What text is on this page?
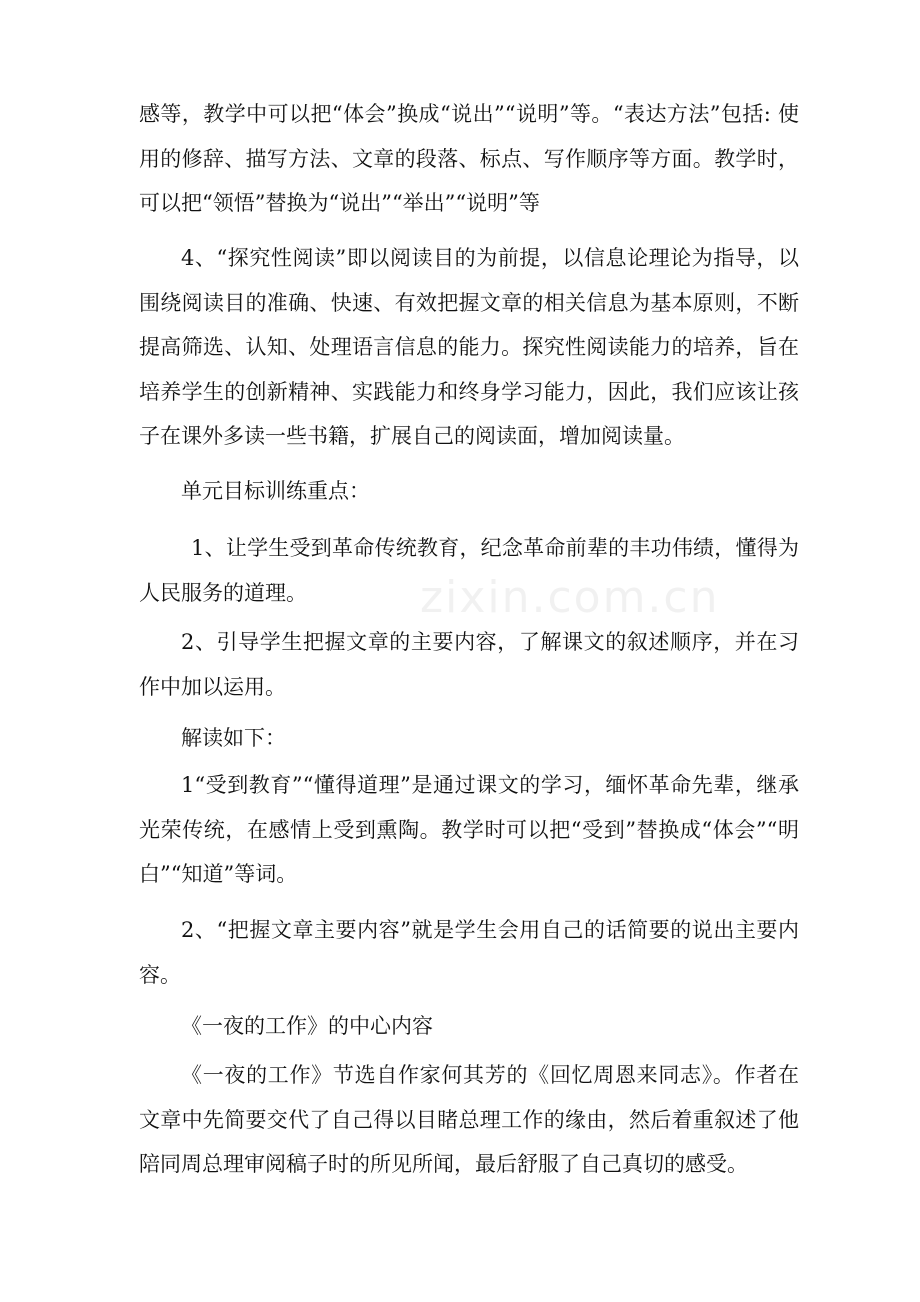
感等，教学中可以把“体会”换成“说出”“说明”等。“表达方法”包括: 使用的修辞、描写方法、文章的段落、标点、写作顺序等方面。教学时，可以把“领悟”替换为“说出”“举出”“说明”等

4、“探究性阅读”即以阅读目的为前提，以信息论理论为指导，以围绕阅读目的准确、快速、有效把握文章的相关信息为基本原则，不断提高筛选、认知、处理语言信息的能力。探究性阅读能力的培养，旨在培养学生的创新精神、实践能力和终身学习能力，因此，我们应该让孩子在课外多读一些书籍，扩展自己的阅读面，增加阅读量。

单元目标训练重点：

1、让学生受到革命传统教育，纪念革命前辈的丰功伟绩，懂得为人民服务的道理。

2、引导学生把握文章的主要内容，了解课文的叙述顺序，并在习作中加以运用。

解读如下：

1“受到教育”“懂得道理”是通过课文的学习，缅怀革命先辈，继承光荣传统，在感情上受到熏陶。教学时可以把“受到”替换成“体会”“明白”“知道”等词。

2、“把握文章主要内容”就是学生会用自己的话简要的说出主要内容。

《一夜的工作》的中心内容

《一夜的工作》节选自作家何其芳的《回忆周恩来同志》。作者在文章中先简要交代了自己得以目睹总理工作的缘由，然后着重叙述了他陪同周总理审阅稿子时的所见所闻，最后舒服了自己真切的感受。

zixin.com.cn
